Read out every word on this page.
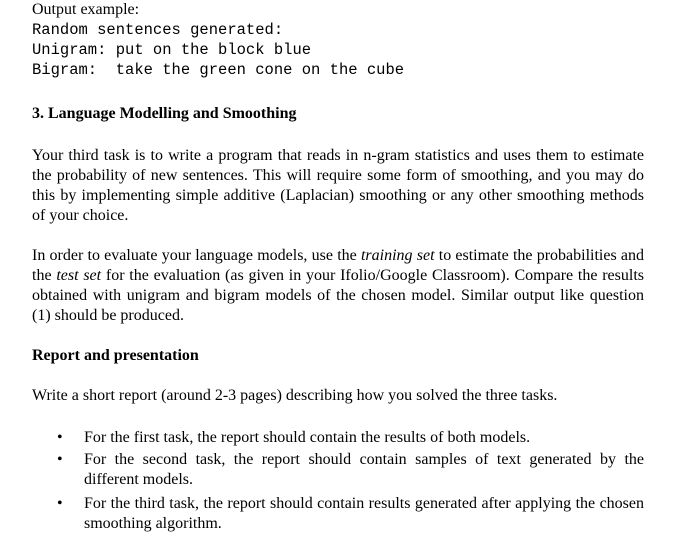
Output example:
Random sentences generated:
Unigram: put on the block blue
Bigram:  take the green cone on the cube
3. Language Modelling and Smoothing
Your third task is to write a program that reads in n-gram statistics and uses them to estimate the probability of new sentences. This will require some form of smoothing, and you may do this by implementing simple additive (Laplacian) smoothing or any other smoothing methods of your choice.
In order to evaluate your language models, use the training set to estimate the probabilities and the test set for the evaluation (as given in your Ifolio/Google Classroom). Compare the results obtained with unigram and bigram models of the chosen model. Similar output like question (1) should be produced.
Report and presentation
Write a short report (around 2-3 pages) describing how you solved the three tasks.
• For the first task, the report should contain the results of both models.
• For the second task, the report should contain samples of text generated by the different models.
• For the third task, the report should contain results generated after applying the chosen smoothing algorithm.
